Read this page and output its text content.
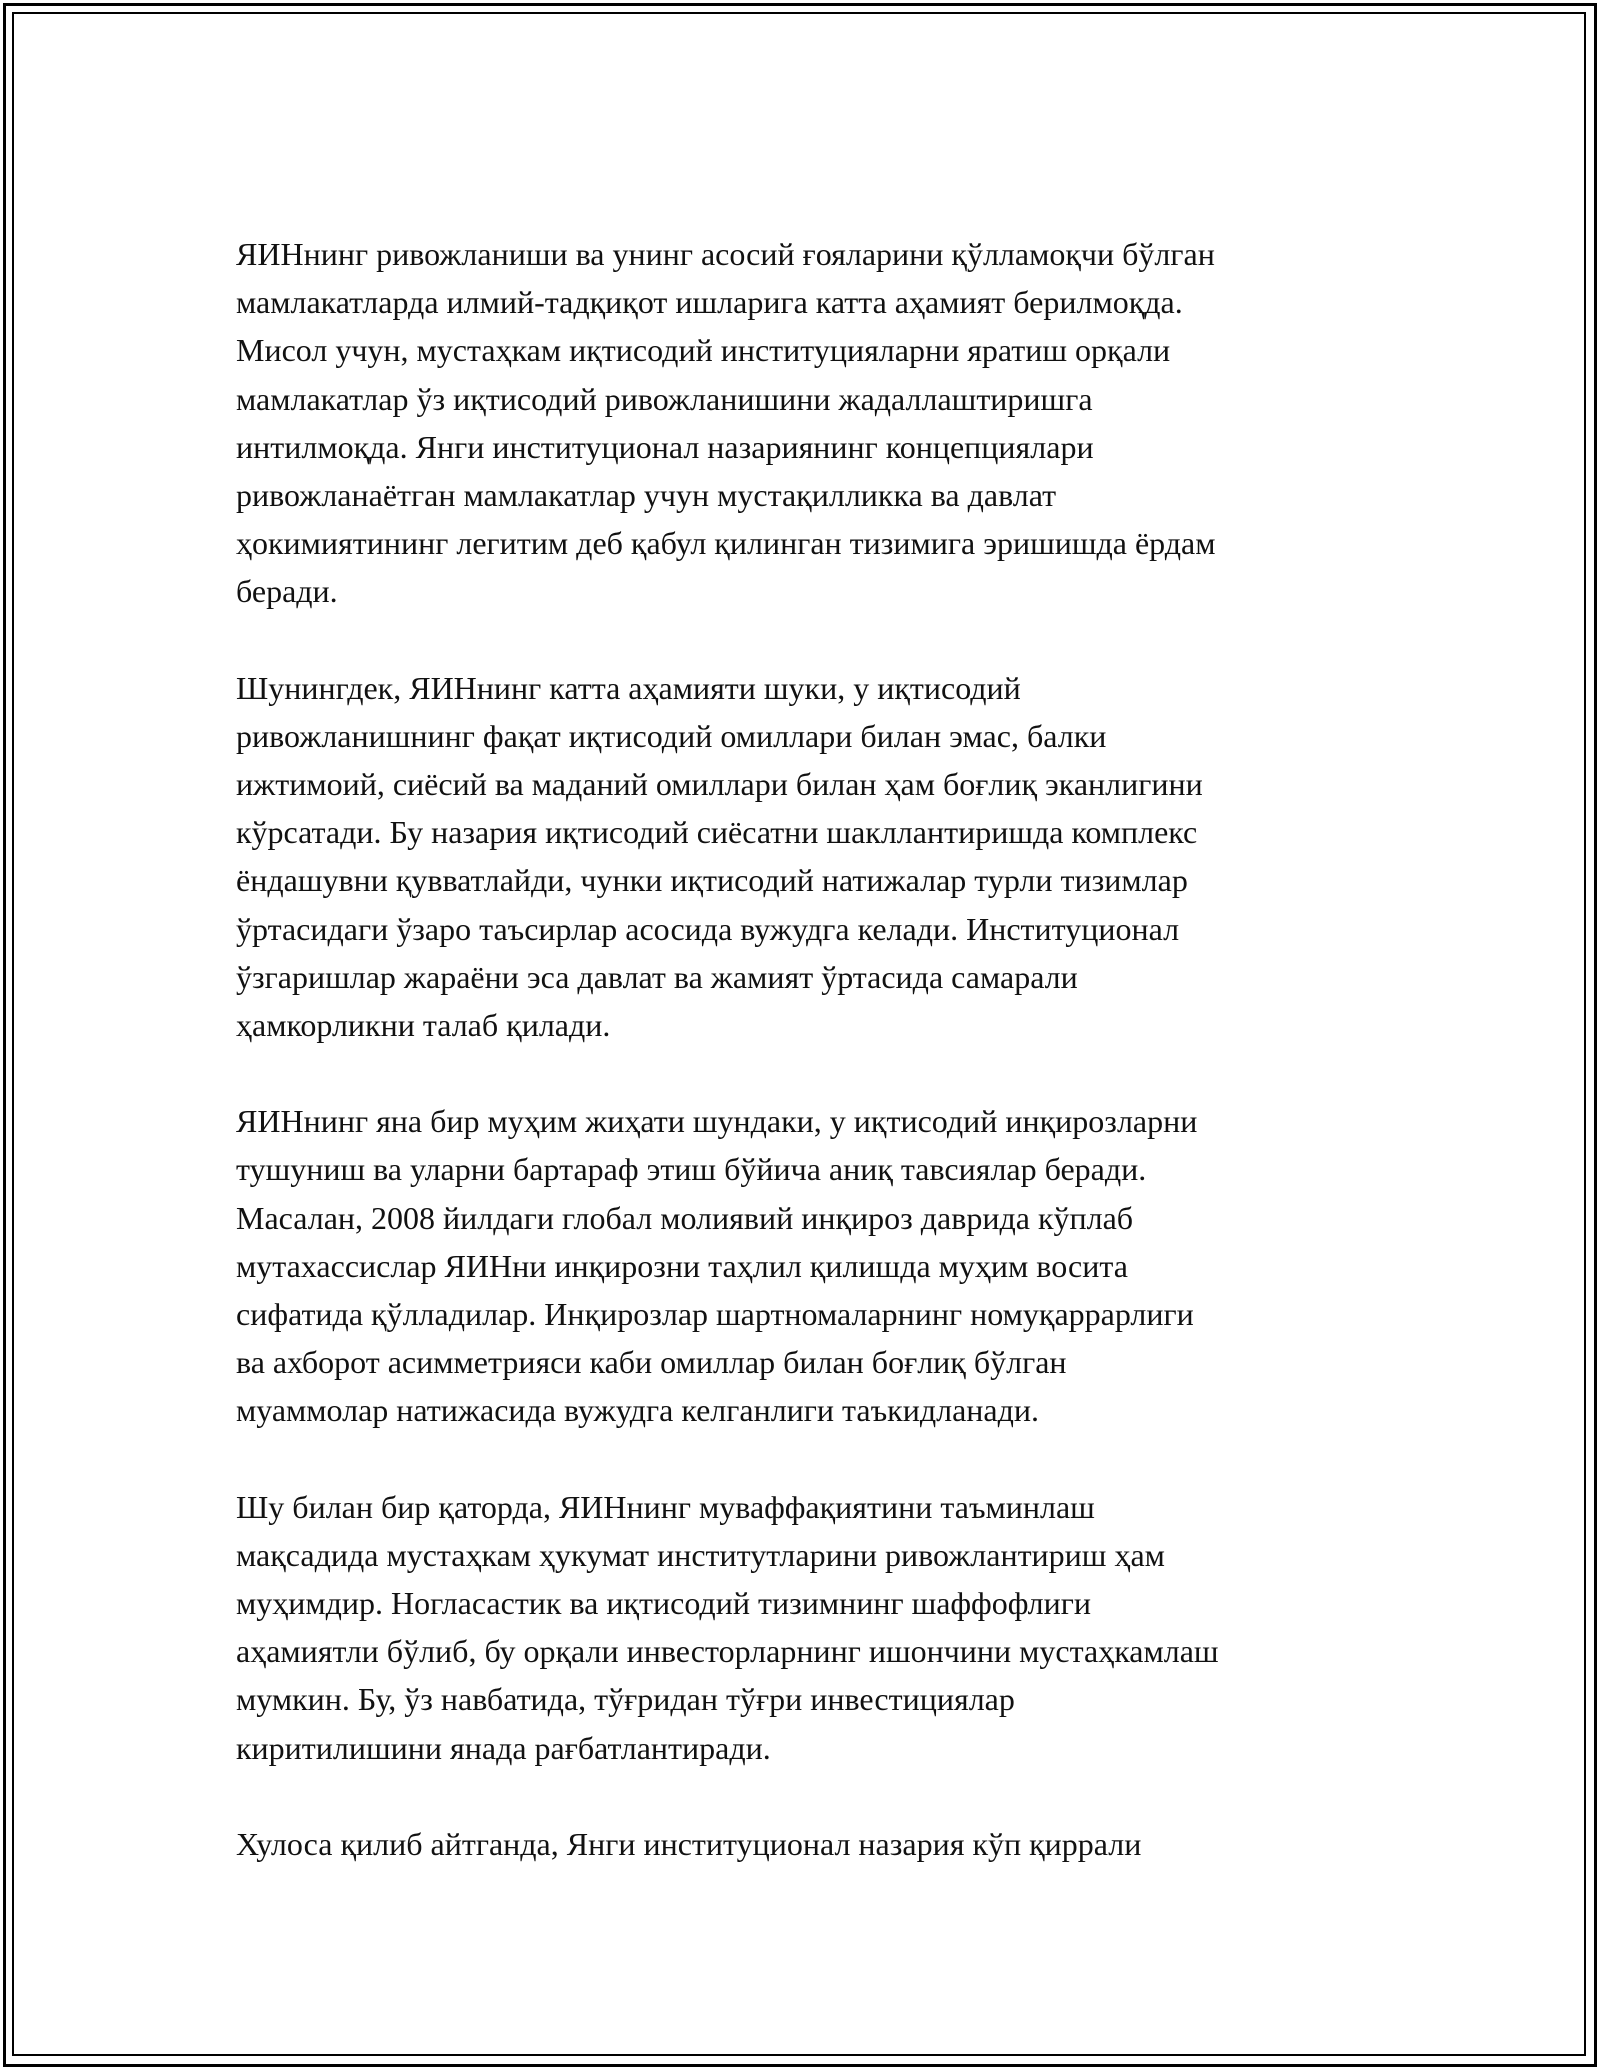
ЯИНнинг ривожланиши ва унинг асосий ғояларини қўлламоқчи бўлган
мамлакатларда илмий-тадқиқот ишларига катта аҳамият берилмоқда.
Мисол учун, мустаҳкам иқтисодий институцияларни яратиш орқали
мамлакатлар ўз иқтисодий ривожланишини жадаллаштиришга
интилмоқда. Янги институционал назариянинг концепциялари
ривожланаётган мамлакатлар учун мустақилликка ва давлат
ҳокимиятининг легитим деб қабул қилинган тизимига эришишда ёрдам
беради.

Шунингдек, ЯИНнинг катта аҳамияти шуки, у иқтисодий
ривожланишнинг фақат иқтисодий омиллари билан эмас, балки
ижтимоий, сиёсий ва маданий омиллари билан ҳам боғлиқ эканлигини
кўрсатади. Бу назария иқтисодий сиёсатни шакллантиришда комплекс
ёндашувни қувватлайди, чунки иқтисодий натижалар турли тизимлар
ўртасидаги ўзаро таъсирлар асосида вужудга келади. Институционал
ўзгаришлар жараёни эса давлат ва жамият ўртасида самарали
ҳамкорликни талаб қилади.

ЯИНнинг яна бир муҳим жиҳати шундаки, у иқтисодий инқирозларни
тушуниш ва уларни бартараф этиш бўйича аниқ тавсиялар беради.
Масалан, 2008 йилдаги глобал молиявий инқироз даврида кўплаб
мутахассислар ЯИНни инқирозни таҳлил қилишда муҳим восита
сифатида қўлладилар. Инқирозлар шартномаларнинг номуқаррарлиги
ва ахборот асимметрияси каби омиллар билан боғлиқ бўлган
муаммолар натижасида вужудга келганлиги таъкидланади.

Шу билан бир қаторда, ЯИНнинг муваффақиятини таъминлаш
мақсадида мустаҳкам ҳукумат институтларини ривожлантириш ҳам
муҳимдир. Ногласастик ва иқтисодий тизимнинг шаффофлиги
аҳамиятли бўлиб, бу орқали инвесторларнинг ишончини мустаҳкамлаш
мумкин. Бу, ўз навбатида, тўғридан тўғри инвестициялар
киритилишини янада рағбатлантиради.

Хулоса қилиб айтганда, Янги институционал назария кўп қиррали
